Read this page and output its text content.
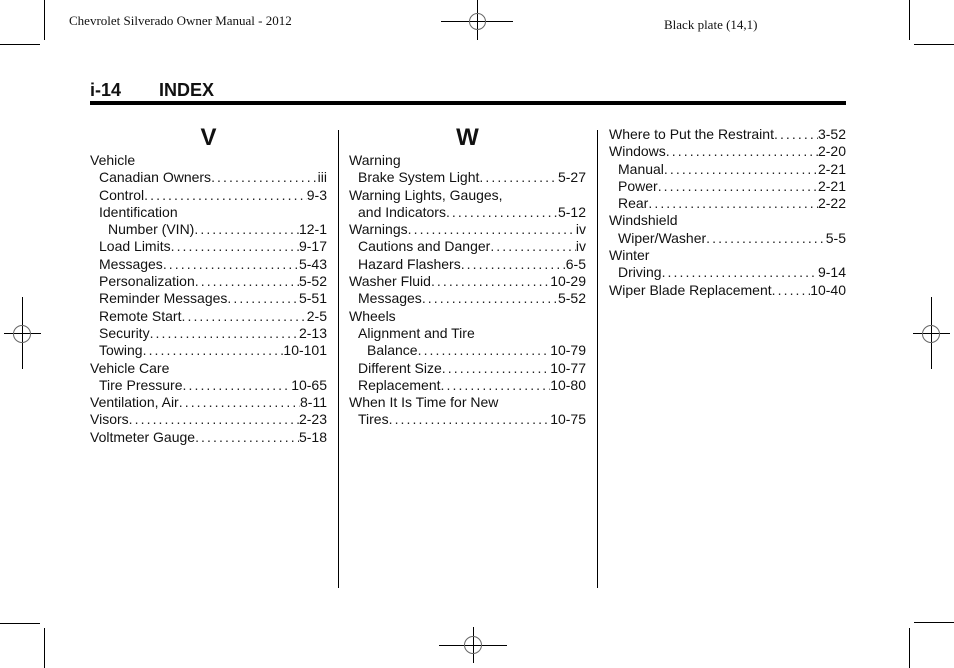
Chevrolet Silverado Owner Manual - 2012	Black plate (14,1)
i-14 INDEX
V
Vehicle
Canadian Owners . . .	iii
Control . . .	9-3
Identification
Number (VIN) . . .	12-1
Load Limits . . .	9-17
Messages . . .	5-43
Personalization . . .	5-52
Reminder Messages . . .	5-51
Remote Start . . .	2-5
Security . . .	2-13
Towing . . .	10-101
Vehicle Care
Tire Pressure . . .	10-65
Ventilation, Air . . .	8-11
Visors . . .	2-23
Voltmeter Gauge . . .	5-18
W
Warning
Brake System Light . . .	5-27
Warning Lights, Gauges,
and Indicators . . .	5-12
Warnings . . .	iv
Cautions and Danger . . .	iv
Hazard Flashers . . .	6-5
Washer Fluid . . .	10-29
Messages . . .	5-52
Wheels
Alignment and Tire
Balance . . .	10-79
Different Size . . .	10-77
Replacement . . .	10-80
When It Is Time for New
Tires . . .	10-75
Where to Put the Restraint . . .	3-52
Windows . . .	2-20
Manual . . .	2-21
Power . . .	2-21
Rear . . .	2-22
Windshield
Wiper/Washer . . .	5-5
Winter
Driving . . .	9-14
Wiper Blade Replacement . . .	10-40
